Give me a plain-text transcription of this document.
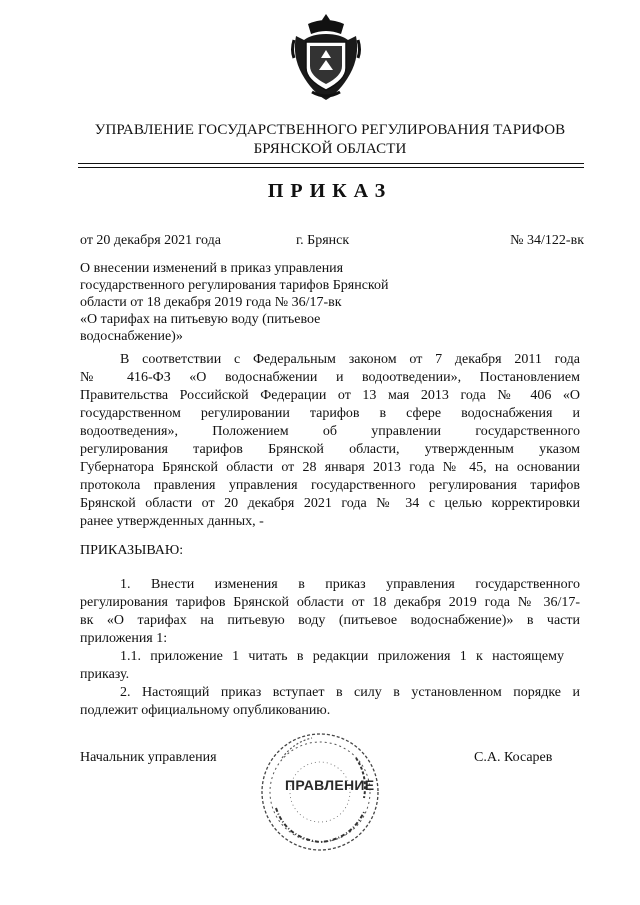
УПРАВЛЕНИЕ ГОСУДАРСТВЕННОГО РЕГУЛИРОВАНИЯ ТАРИФОВ
БРЯНСКОЙ ОБЛАСТИ
ПРИКАЗ
от 20 декабря 2021 года	г. Брянск	№ 34/122-вк
О внесении изменений в приказ управления
государственного регулирования тарифов Брянской
области от 18 декабря 2019 года № 36/17-вк
«О тарифах на питьевую воду (питьевое
водоснабжение)»
В соответствии с Федеральным законом от 7 декабря 2011 года
№ 416-ФЗ «О водоснабжении и водоотведении», Постановлением
Правительства Российской Федерации от 13 мая 2013 года № 406 «О
государственном регулировании тарифов в сфере водоснабжения и
водоотведения», Положением об управлении государственного
регулирования тарифов Брянской области, утвержденным указом
Губернатора Брянской области от 28 января 2013 года № 45, на основании
протокола правления управления государственного регулирования тарифов
Брянской области от 20 декабря 2021 года № 34 с целью корректировки
ранее утвержденных данных, -
ПРИКАЗЫВАЮ:
1. Внести изменения в приказ управления государственного
регулирования тарифов Брянской области от 18 декабря 2019 года № 36/17-
вк «О тарифах на питьевую воду (питьевое водоснабжение)» в части
приложения 1:
1.1. приложение 1 читать в редакции приложения 1 к настоящему
приказу.
2. Настоящий приказ вступает в силу в установленном порядке и
подлежит официальному опубликованию.
Начальник управления
ПРАВЛЕНИЕ
С.А. Косарев
